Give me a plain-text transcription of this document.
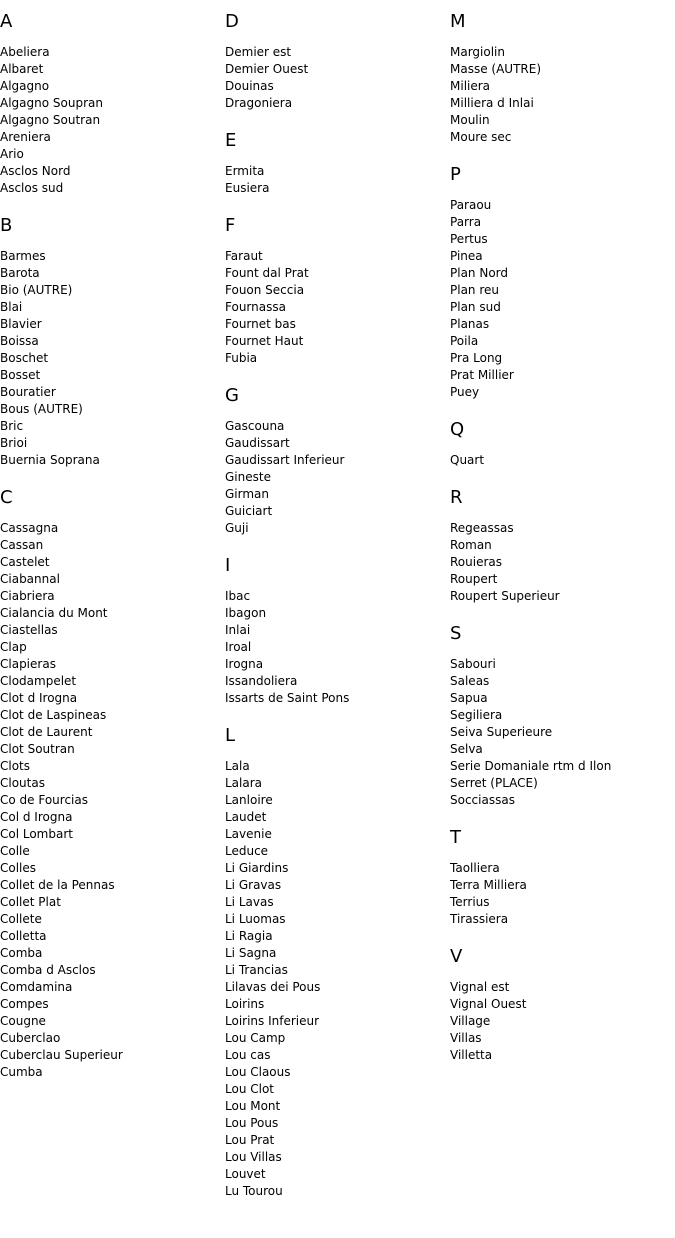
A
Abeliera
Albaret
Algagno
Algagno Soupran
Algagno Soutran
Areniera
Ario
Asclos Nord
Asclos sud
B
Barmes
Barota
Bio (AUTRE)
Blai
Blavier
Boissa
Boschet
Bosset
Bouratier
Bous (AUTRE)
Bric
Brioi
Buernia Soprana
C
Cassagna
Cassan
Castelet
Ciabannal
Ciabriera
Cialancia du Mont
Ciastellas
Clap
Clapieras
Clodampelet
Clot d Irogna
Clot de Laspineas
Clot de Laurent
Clot Soutran
Clots
Cloutas
Co de Fourcias
Col d Irogna
Col Lombart
Colle
Colles
Collet de la Pennas
Collet Plat
Collete
Colletta
Comba
Comba d Asclos
Comdamina
Compes
Cougne
Cuberclao
Cuberclau Superieur
Cumba
D
Demier est
Demier Ouest
Douinas
Dragoniera
E
Ermita
Eusiera
F
Faraut
Fount dal Prat
Fouon Seccia
Fournassa
Fournet bas
Fournet Haut
Fubia
G
Gascouna
Gaudissart
Gaudissart Inferieur
Gineste
Girman
Guiciart
Guji
I
Ibac
Ibagon
Inlai
Iroal
Irogna
Issandoliera
Issarts de Saint Pons
L
Lala
Lalara
Lanloire
Laudet
Lavenie
Leduce
Li Giardins
Li Gravas
Li Lavas
Li Luomas
Li Ragia
Li Sagna
Li Trancias
Lilavas dei Pous
Loirins
Loirins Inferieur
Lou Camp
Lou cas
Lou Claous
Lou Clot
Lou Mont
Lou Pous
Lou Prat
Lou Villas
Louvet
Lu Tourou
M
Margiolin
Masse (AUTRE)
Miliera
Milliera d Inlai
Moulin
Moure sec
P
Paraou
Parra
Pertus
Pinea
Plan Nord
Plan reu
Plan sud
Planas
Poila
Pra Long
Prat Millier
Puey
Q
Quart
R
Regeassas
Roman
Rouieras
Roupert
Roupert Superieur
S
Sabouri
Saleas
Sapua
Segiliera
Seiva Superieure
Selva
Serie Domaniale rtm d Ilon
Serret (PLACE)
Socciassas
T
Taolliera
Terra Milliera
Terrius
Tirassiera
V
Vignal est
Vignal Ouest
Village
Villas
Villetta
